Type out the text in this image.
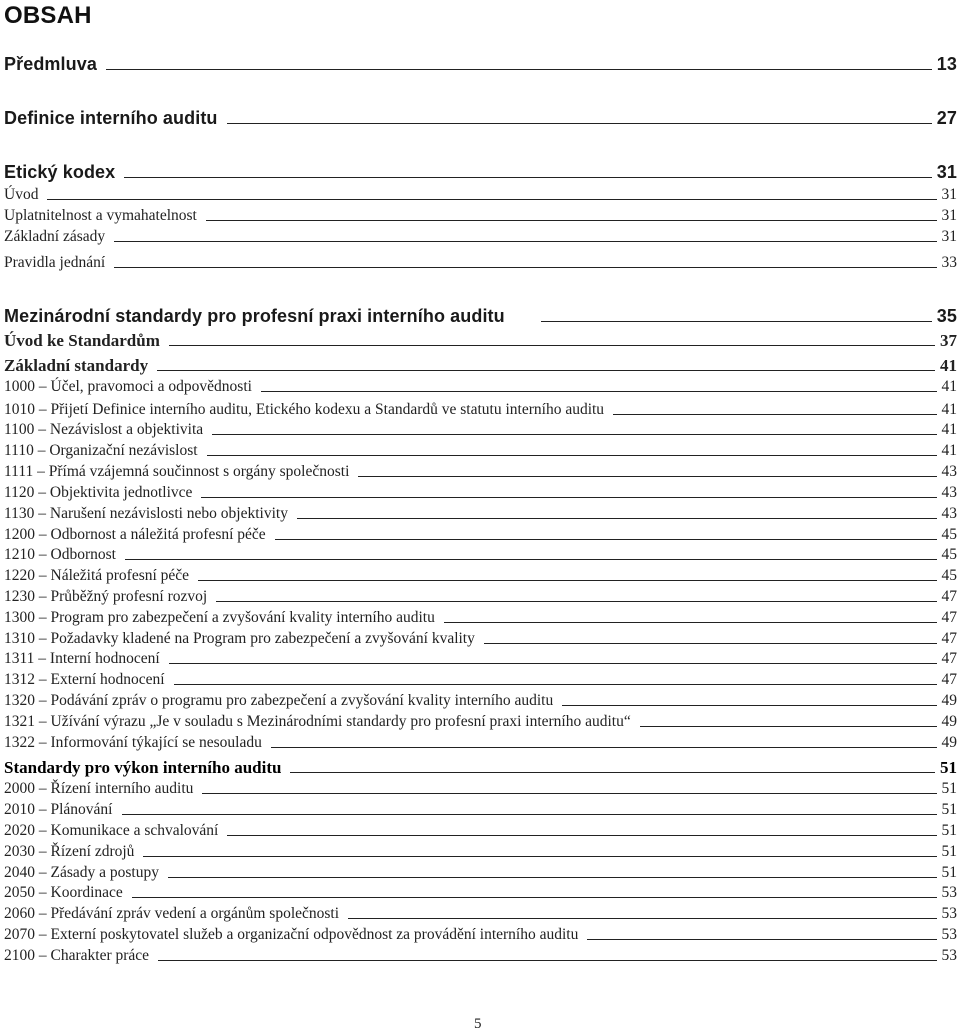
OBSAH
Předmluva	13
Definice interního auditu	27
Etický kodex	31
Úvod	31
Uplatnitelnost a vymahatelnost	31
Základní zásady	31
Pravidla jednání	33
Mezinárodní standardy pro profesní praxi interního auditu	35
Úvod ke Standardům	37
Základní standardy	41
1000 – Účel, pravomoci a odpovědnosti	41
1010 – Přijetí Definice interního auditu, Etického kodexu a Standardů ve statutu interního auditu	41
1100 – Nezávislost a objektivita	41
1110 – Organizační nezávislost	41
1111 – Přímá vzájemná součinnost s orgány společnosti	43
1120 – Objektivita jednotlivce	43
1130 – Narušení nezávislosti nebo objektivity	43
1200 – Odbornost a náležitá profesní péče	45
1210 – Odbornost	45
1220 – Náležitá profesní péče	45
1230 – Průběžný profesní rozvoj	47
1300 – Program pro zabezpečení a zvyšování kvality interního auditu	47
1310 – Požadavky kladené na Program pro zabezpečení a zvyšování kvality	47
1311 – Interní hodnocení	47
1312 – Externí hodnocení	47
1320 – Podávání zpráv o programu pro zabezpečení a zvyšování kvality interního auditu	49
1321 – Užívání výrazu „Je v souladu s Mezinárodními standardy pro profesní praxi interního auditu“	49
1322 – Informování týkající se nesouladu	49
Standardy pro výkon interního auditu	51
2000 – Řízení interního auditu	51
2010 – Plánování	51
2020 – Komunikace a schvalování	51
2030 – Řízení zdrojů	51
2040 – Zásady a postupy	51
2050 – Koordinace	53
2060 – Předávání zpráv vedení a orgánům společnosti	53
2070 – Externí poskytovatel služeb a organizační odpovědnost za provádění interního auditu	53
2100 – Charakter práce	53
5
